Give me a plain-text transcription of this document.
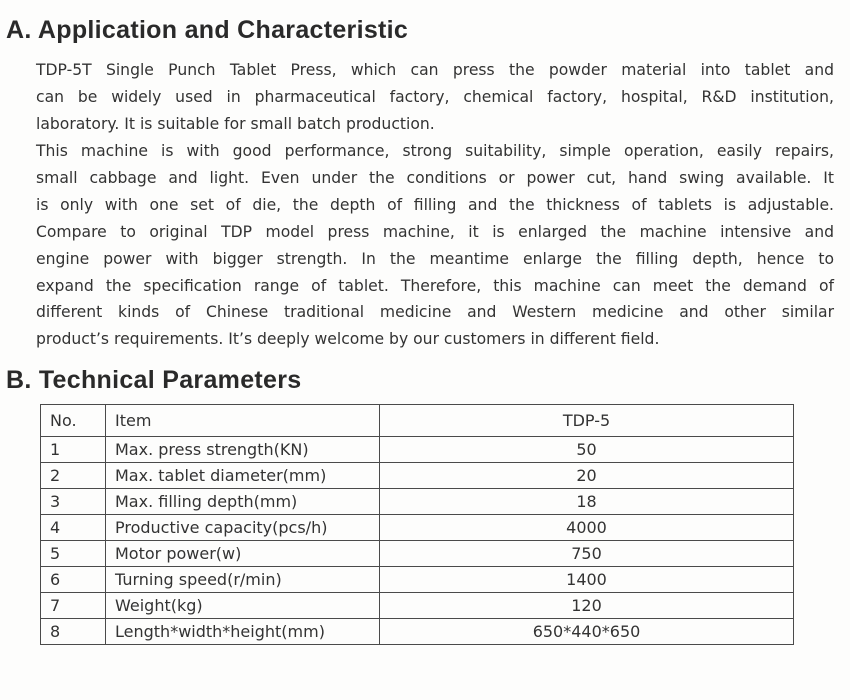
A. Application and Characteristic
TDP-5T Single Punch Tablet Press, which can press the powder material into tablet and
can be widely used in pharmaceutical factory, chemical factory, hospital, R&D institution,
laboratory. It is suitable for small batch production.
This machine is with good performance, strong suitability, simple operation, easily repairs,
small cabbage and light. Even under the conditions or power cut, hand swing available. It
is only with one set of die, the depth of filling and the thickness of tablets is adjustable.
Compare to original TDP model press machine, it is enlarged the machine intensive and
engine power with bigger strength. In the meantime enlarge the filling depth, hence to
expand the specification range of tablet. Therefore, this machine can meet the demand of
different kinds of Chinese traditional medicine and Western medicine and other similar
product’s requirements. It’s deeply welcome by our customers in different field.
B. Technical Parameters
No.	Item	TDP-5
1	Max. press strength(KN)	50
2	Max. tablet diameter(mm)	20
3	Max. filling depth(mm)	18
4	Productive capacity(pcs/h)	4000
5	Motor power(w)	750
6	Turning speed(r/min)	1400
7	Weight(kg)	120
8	Length*width*height(mm)	650*440*650
